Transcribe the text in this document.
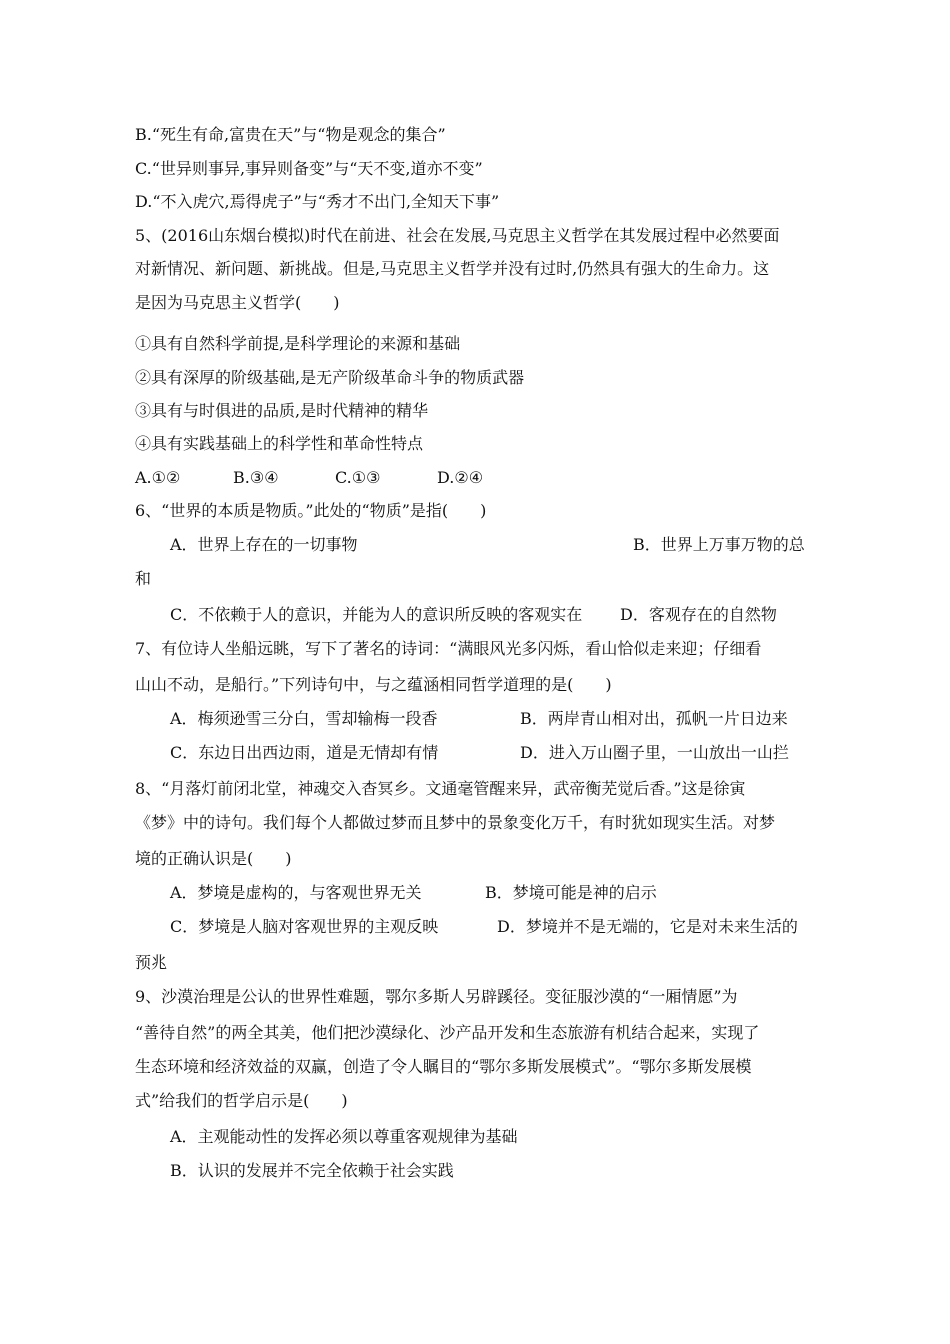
B.“死生有命,富贵在天”与“物是观念的集合”
C.“世异则事异,事异则备变”与“天不变,道亦不变”
D.“不入虎穴,焉得虎子”与“秀才不出门,全知天下事”
5、(2016山东烟台模拟)时代在前进、社会在发展,马克思主义哲学在其发展过程中必然要面
对新情况、新问题、新挑战。但是,马克思主义哲学并没有过时,仍然具有强大的生命力。这
是因为马克思主义哲学(　　)
①具有自然科学前提,是科学理论的来源和基础
②具有深厚的阶级基础,是无产阶级革命斗争的物质武器
③具有与时俱进的品质,是时代精神的精华
④具有实践基础上的科学性和革命性特点
A.①②	B.③④	C.①③	D.②④
6、“世界的本质是物质。”此处的“物质”是指(　　)
A．世界上存在的一切事物	B．世界上万事万物的总
和
C．不依赖于人的意识，并能为人的意识所反映的客观实在 D．客观存在的自然物
7、有位诗人坐船远眺，写下了著名的诗词：“满眼风光多闪烁，看山恰似走来迎；仔细看
山山不动，是船行。”下列诗句中，与之蕴涵相同哲学道理的是(　　)
A．梅须逊雪三分白，雪却输梅一段香	B．两岸青山相对出，孤帆一片日边来
C．东边日出西边雨，道是无情却有情	D．进入万山圈子里，一山放出一山拦
8、“月落灯前闭北堂，神魂交入杳冥乡。文通毫管醒来异，武帝衡芜觉后香。”这是徐寅
《梦》中的诗句。我们每个人都做过梦而且梦中的景象变化万千，有时犹如现实生活。对梦
境的正确认识是(　　)
A．梦境是虚构的，与客观世界无关	B．梦境可能是神的启示
C．梦境是人脑对客观世界的主观反映	D．梦境并不是无端的，它是对未来生活的
预兆
9、沙漠治理是公认的世界性难题，鄂尔多斯人另辟蹊径。变征服沙漠的“一厢情愿”为
“善待自然”的两全其美，他们把沙漠绿化、沙产品开发和生态旅游有机结合起来，实现了
生态环境和经济效益的双赢，创造了令人瞩目的“鄂尔多斯发展模式”。“鄂尔多斯发展模
式”给我们的哲学启示是(　　)
A．主观能动性的发挥必须以尊重客观规律为基础
B．认识的发展并不完全依赖于社会实践
